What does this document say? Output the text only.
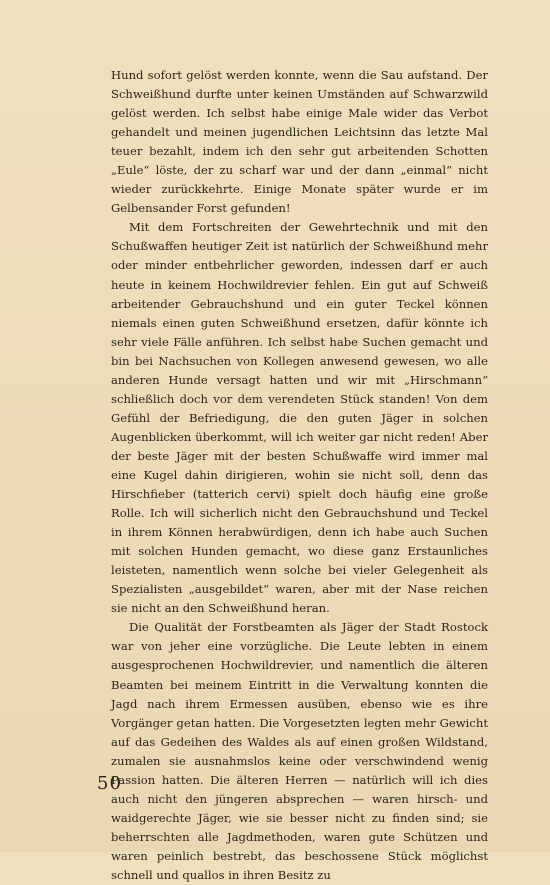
Hund sofort gelöst werden konnte, wenn die Sau aufstand. Der Schweißhund durfte unter keinen Umständen auf Schwarzwild gelöst werden. Ich selbst habe einige Male wider das Verbot gehandelt und meinen jugendlichen Leichtsinn das letzte Mal teuer bezahlt, indem ich den sehr gut arbeitenden Schotten „Eule“ löste, der zu scharf war und der dann „einmal“ nicht wieder zurückkehrte. Einige Monate später wurde er im Gelbensander Forst gefunden!

Mit dem Fortschreiten der Gewehrtechnik und mit den Schußwaffen heutiger Zeit ist natürlich der Schweißhund mehr oder minder entbehrlicher geworden, indessen darf er auch heute in keinem Hochwildrevier fehlen. Ein gut auf Schweiß arbeitender Gebrauchshund und ein guter Teckel können niemals einen guten Schweißhund ersetzen, dafür könnte ich sehr viele Fälle anführen. Ich selbst habe Suchen gemacht und bin bei Nachsuchen von Kollegen anwesend gewesen, wo alle anderen Hunde versagt hatten und wir mit „Hirschmann“ schließlich doch vor dem verendeten Stück standen! Von dem Gefühl der Befriedigung, die den guten Jäger in solchen Augenblicken überkommt, will ich weiter gar nicht reden! Aber der beste Jäger mit der besten Schußwaffe wird immer mal eine Kugel dahin dirigieren, wohin sie nicht soll, denn das Hirschfieber (tatterich cervi) spielt doch häufig eine große Rolle. Ich will sicherlich nicht den Gebrauchshund und Teckel in ihrem Können herabwürdigen, denn ich habe auch Suchen mit solchen Hunden gemacht, wo diese ganz Erstaunliches leisteten, namentlich wenn solche bei vieler Gelegenheit als Spezialisten „ausgebildet“ waren, aber mit der Nase reichen sie nicht an den Schweißhund heran.

Die Qualität der Forstbeamten als Jäger der Stadt Rostock war von jeher eine vorzügliche. Die Leute lebten in einem ausgesprochenen Hochwildrevier, und namentlich die älteren Beamten bei meinem Eintritt in die Verwaltung konnten die Jagd nach ihrem Ermessen ausüben, ebenso wie es ihre Vorgänger getan hatten. Die Vorgesetzten legten mehr Gewicht auf das Gedeihen des Waldes als auf einen großen Wildstand, zumalen sie ausnahmslos keine oder verschwindend wenig Passion hatten. Die älteren Herren — natürlich will ich dies auch nicht den jüngeren absprechen — waren hirsch- und waidgerechte Jäger, wie sie besser nicht zu finden sind; sie beherrschten alle Jagdmethoden, waren gute Schützen und waren peinlich bestrebt, das beschossene Stück möglichst schnell und quallos in ihren Besitz zu

50
